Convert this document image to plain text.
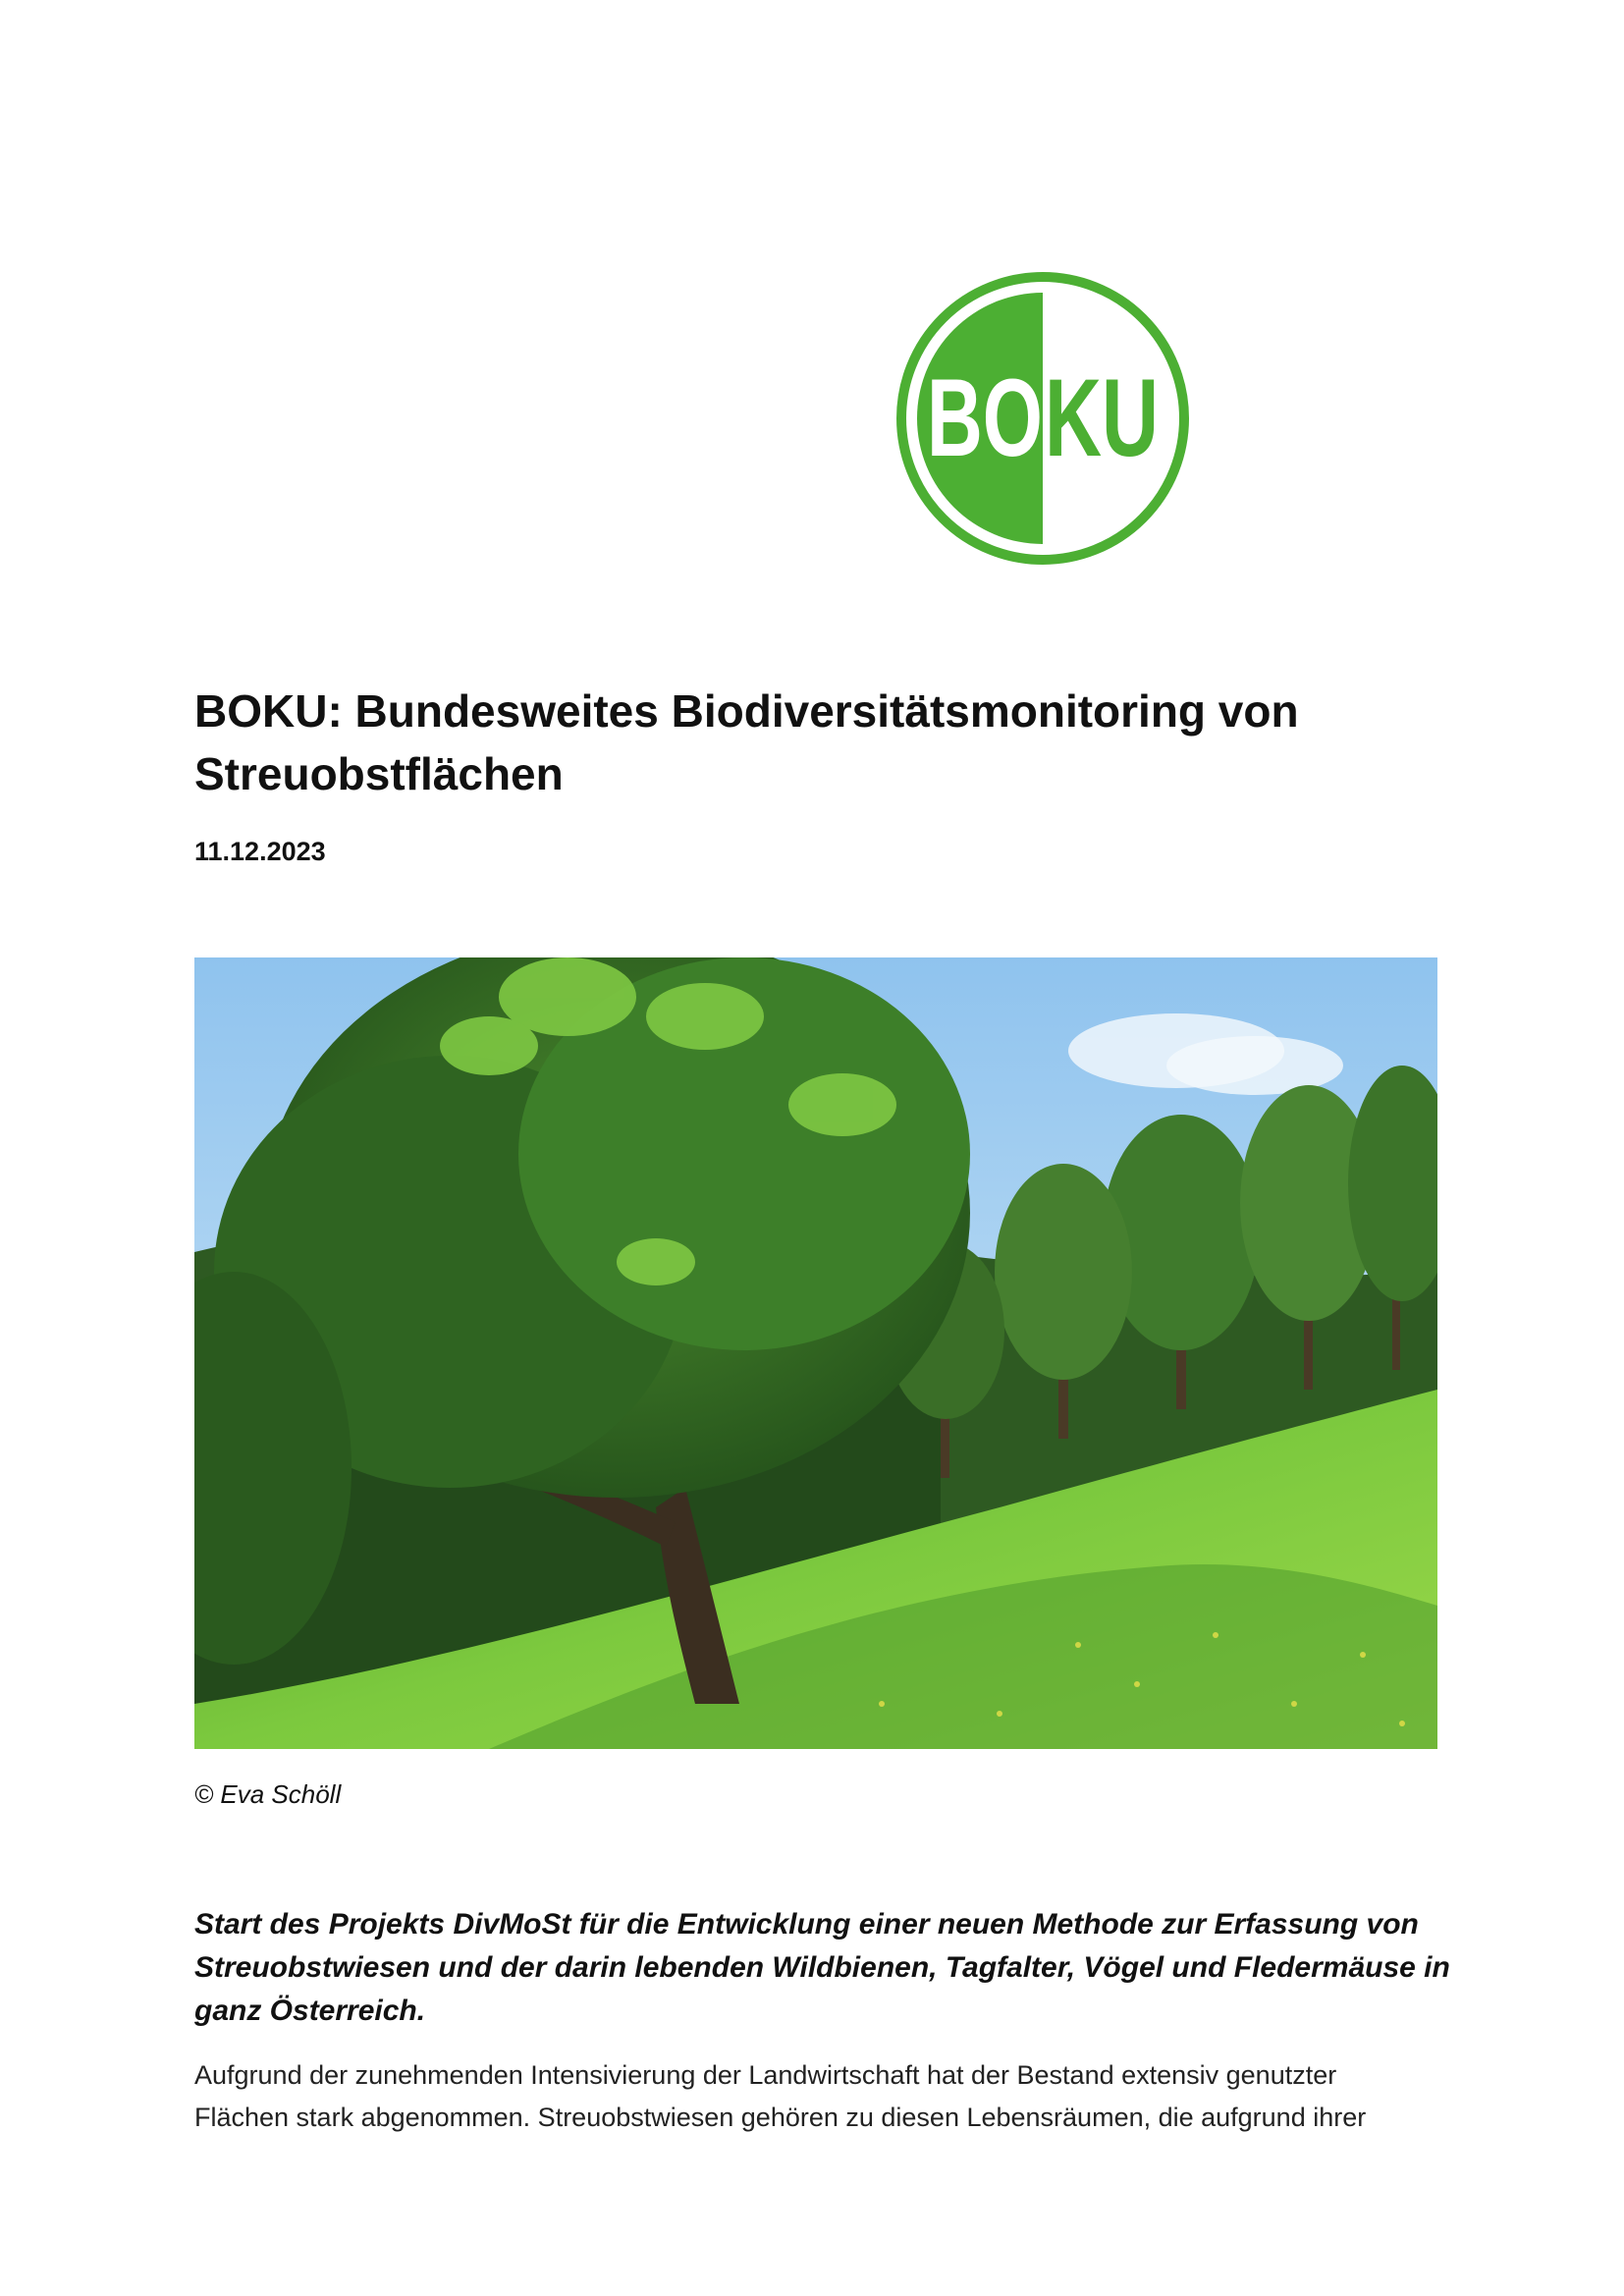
BO KU
BOKU: Bundesweites Biodiversitätsmonitoring von
Streuobstflächen
11.12.2023
© Eva Schöll

Start des Projekts DivMoSt für die Entwicklung einer neuen Methode zur Erfassung von
Streuobstwiesen und der darin lebenden Wildbienen, Tagfalter, Vögel und Fledermäuse in
ganz Österreich.

Aufgrund der zunehmenden Intensivierung der Landwirtschaft hat der Bestand extensiv genutzter
Flächen stark abgenommen. Streuobstwiesen gehören zu diesen Lebensräumen, die aufgrund ihrer
